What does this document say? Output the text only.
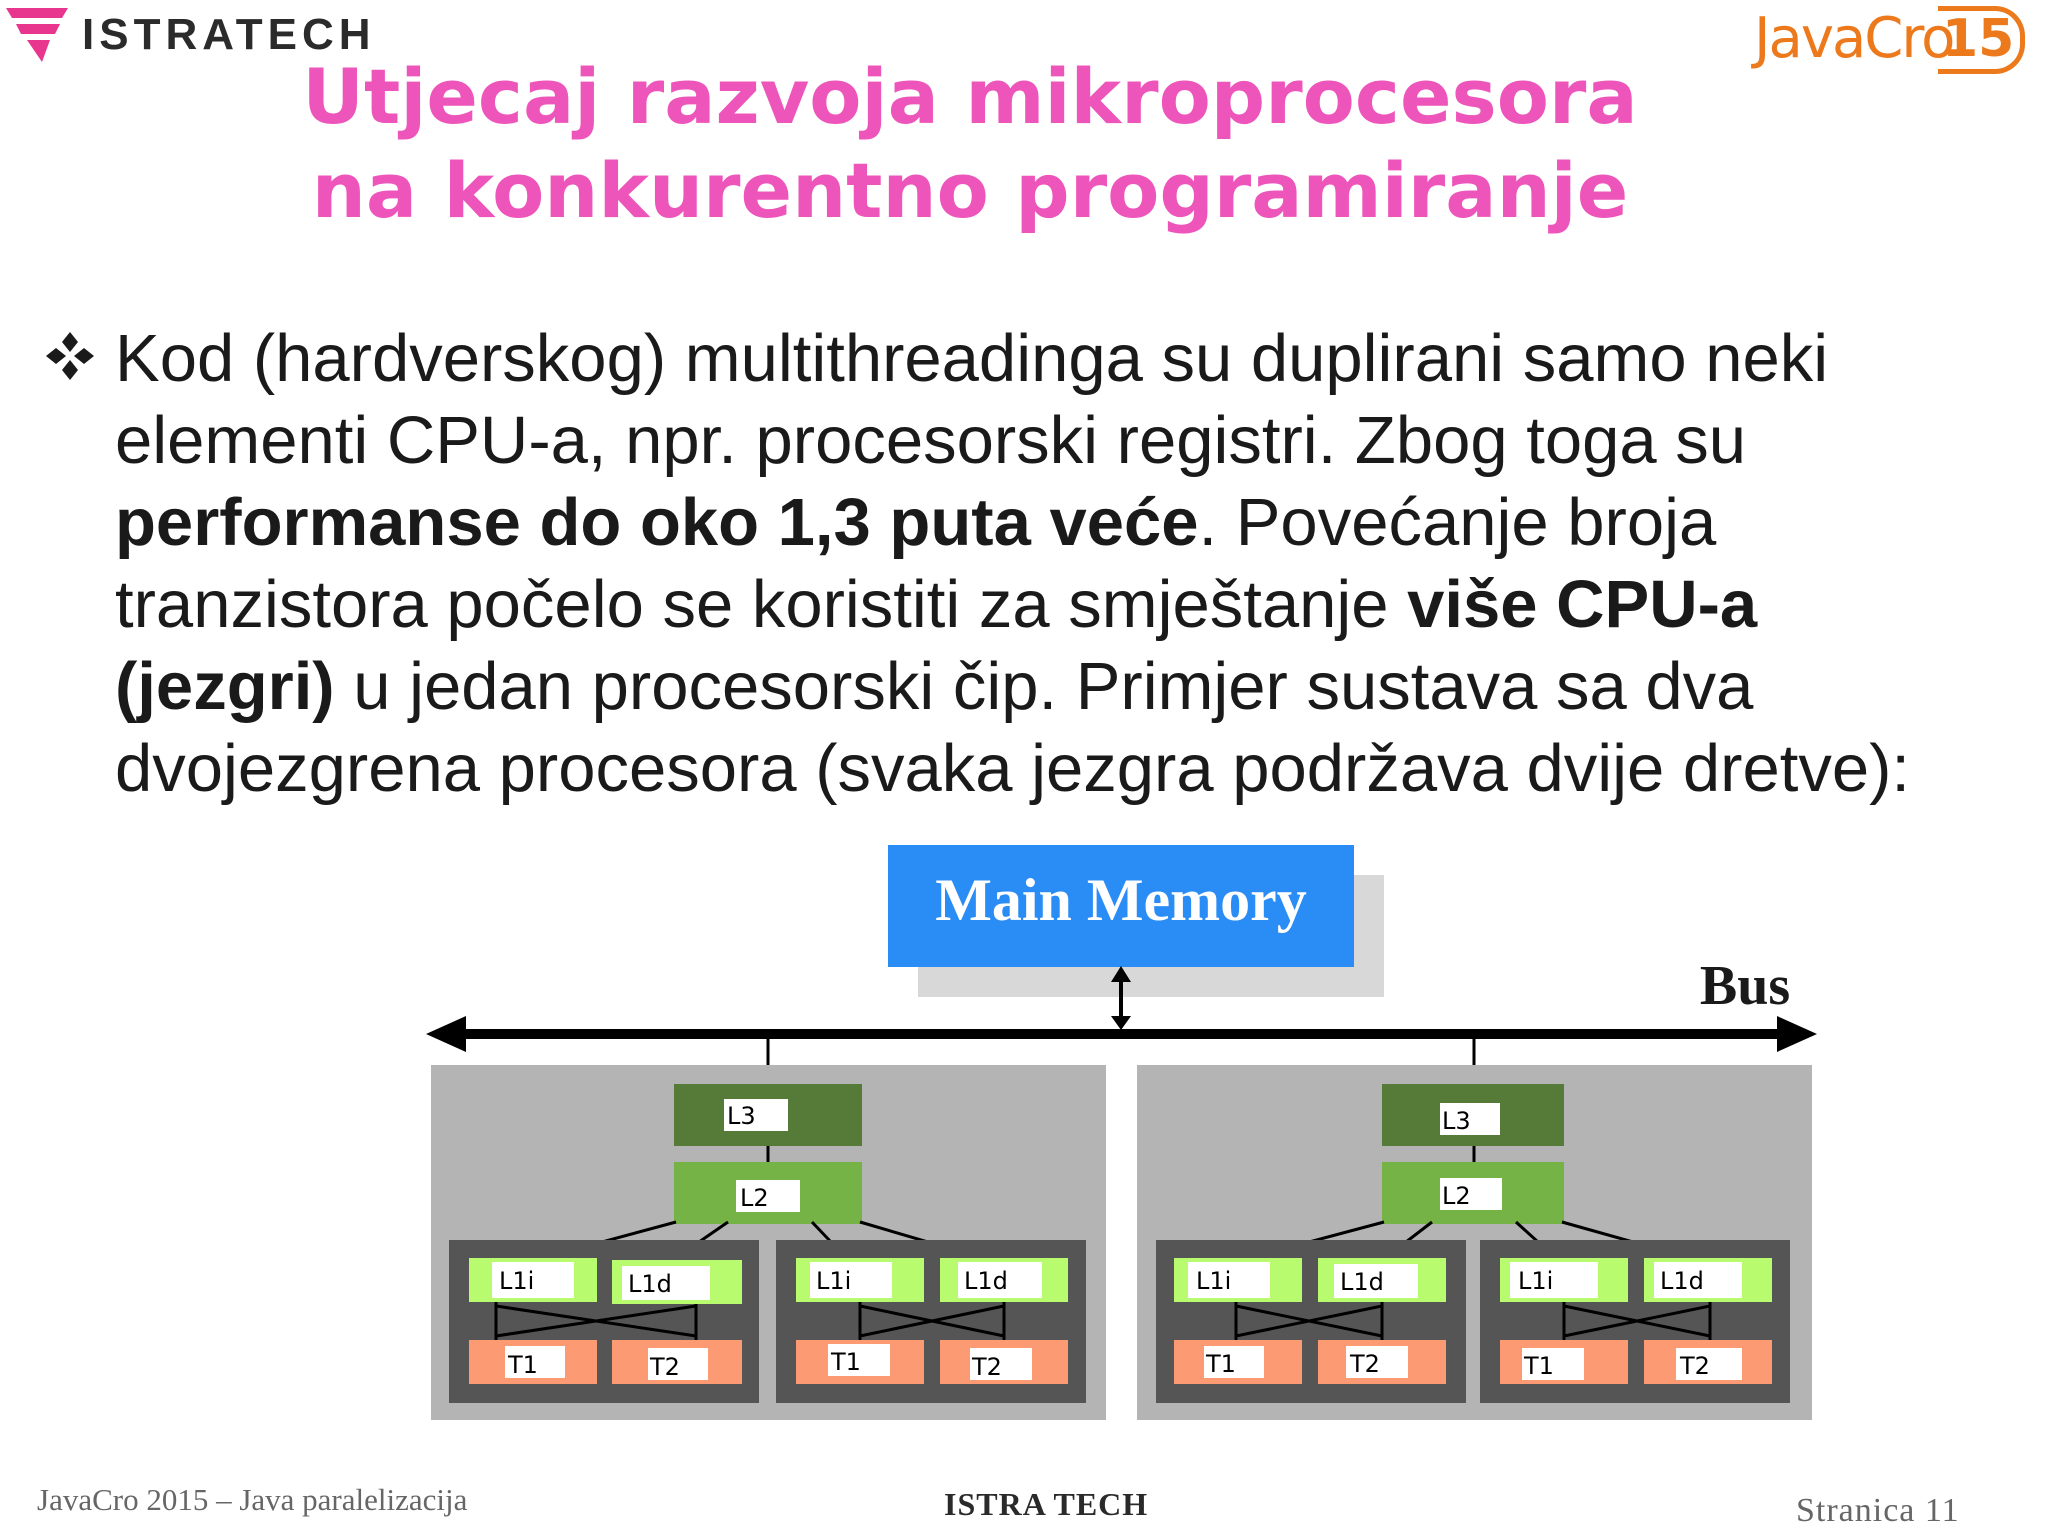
ISTRATECH	JavaCro
15
Utjecaj razvoja mikroprocesora
na konkurentno programiranje
Kod (hardverskog) multithreadinga su duplirani samo neki
elementi CPU-a, npr. procesorski registri. Zbog toga su
performanse do oko 1,3 puta veće. Povećanje broja
tranzistora počelo se koristiti za smještanje više CPU-a
(jezgri) u jedan procesorski čip. Primjer sustava sa dva
dvojezgrena procesora (svaka jezgra podržava dvije dretve):
Main Memory
Bus
L3
L2
L1i	L1d
T1	T2
L1i	L1d
T1	T2
L3
L2
L1i	L1d
T1	T2
L1i	L1d
T1	T2
JavaCro 2015 – Java paralelizacija	ISTRA TECH	Stranica 11
